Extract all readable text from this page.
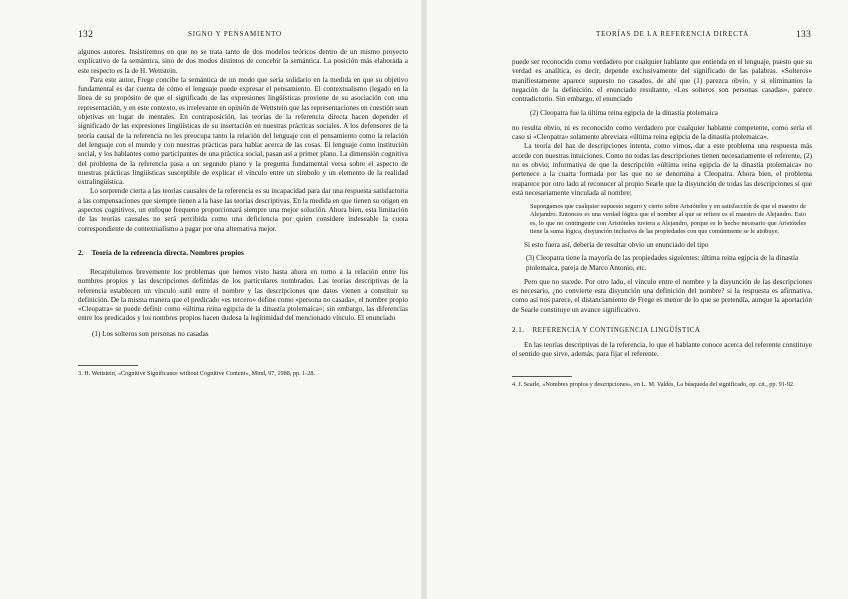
132	SIGNO Y PENSAMIENTO	TEORÍAS DE LA REFERENCIA DIRECTA	133

algunos autores. Insistiremos en que no se trata tanto de dos modelos teóricos dentro de un mismo proyecto explicativo de la semántica, sino de dos modos distintos de concebir la semántica. La posición más elaborada a este respecto es la de H. Wettstein.

Para este autor, Frege concibe la semántica de un modo que sería solidario en la medida en que su objetivo fundamental es dar cuenta de cómo el lenguaje puede expresar el pensamiento. El contextualismo (legado en la línea de su propósito de que el significado de las expresiones lingüísticas proviene de su asociación con una representación, y en este contexto, es irrelevante en opinión de Wettstein que las representaciones en cuestión sean objetivas en lugar de mentales. En contraposición, las teorías de la referencia directa hacen depender el significado de las expresiones lingüísticas de su insertación en nuestras prácticas sociales. A los defensores de la teoría causal de la referencia no les preocupa tanto la relación del lenguaje con el pensamiento como la relación del lenguaje con el mundo y con nuestras prácticas para hablar acerca de las cosas. El lenguaje como institución social, y los hablantes como participantes de una práctica social, pasan así a primer plano. La dimensión cognitiva del problema de la referencia pasa a un segundo plano y la pregunta fundamental versa sobre el aspecto de nuestras prácticas lingüísticas susceptible de explicar el vínculo entre un símbolo y un elemento de la realidad extralingüística.

Lo sorprende cierta a las teorías causales de la referencia es su incapacidad para dar una respuesta satisfactoria a las compensaciones que siempre tienen a la base las teorías descriptivas. En la medida en que tienen su origen en aspectos cognitivos, un enfoque frequeno proporcionará siempre una mejor solución. Ahora bien, esta limitación de las teorías causales no será percibida como una deficiencia por quien considere indeseable la cuota correspondiente de contextualismo a pagar por una alternativa mejor.

2. Teoría de la referencia directa. Nombres propios

Recapitulemos brevemente los problemas que hemos visto hasta ahora en torno a la relación entre los nombres propios y las descripciones definidas de los particulares nombrados. Las teorías descriptivas de la referencia establecen un vínculo sutil entre el nombre y las descripciones que datos vienen a constituir su definición. De la misma manera que el predicado «es tercero» define como «persona no casada», el nombre propio «Cleopatra» se puede definir como «última reina egipcia de la dinastía ptolemaica»; sin embargo, las diferencias entre los predicados y los nombres propios hacen dudosa la legitimidad del mencionado vínculo. El enunciado

(1) Los solteros son personas no casadas
3. H. Wettstein, «Cognitive Significance without Cognitive Content», Mind, 97, 1988, pp. 1-28.

puede ser reconocido como verdadero por cualquier hablante que entienda en el lenguaje, puesto que su verdad es analítica, es decir, depende exclusivamente del significado de las palabras. «Solteros» manifiestamente aparece supuesto no casados, de ahí que (1) parezca obvio, y si eliminamos la negación de la definición, el enunciado resultante, «Los solteros son personas casadas», parece contradictorio. Sin embargo, el enunciado

(2) Cleopatra fue la última reina egipcia de la dinastía ptolemaica

no resulta obvio, ni es reconocido como verdadero por cualquier hablante competente, como sería el caso si «Cleopatra» solamente abreviara «última reina egipcia de la dinastía ptolemaica».

La teoría del haz de descripciones intenta, como vimos, dar a este problema una respuesta más acorde con nuestras intuiciones. Como no todas las descripciones tienen necesariamente el referente, (2) no es obvio; informativa de que la descripción «última reina egipcia de la dinastía ptolemaica» no pertenece a la cuarta formada por las que no se denomina a Cleopatra. Ahora bien, el problema reaparece por otro lado al reconocer al propio Searle que la disyunción de todas las descripciones sí que está necesariamente vinculada al nombre;

Supongamos que cualquier supuesto seguro y cierto sobre Aristóteles y en satisfacción de que el maestro de Alejandro. Entonces es una verdad lógica que el nombre al que se refiere es el maestro de Alejandro. Esto es, lo que no contingente con Aristóteles tuviera a Alejandro, porque es lo hecho necesario que Aristóteles tiene la suma lógica, disyunción inclusiva de las propiedades con que comúnmente se le atribuye.

Si esto fuera así, debería de resultar obvio un enunciado del tipo

(3) Cleopatra tiene la mayoría de las propiedades siguientes: última reina egipcia de la dinastía ptolemaica, pareja de Marco Antonio, etc.

Pero que no sucede. Por otro lado, el vínculo entre el nombre y la disyunción de las descripciones es necesario, ¿no convierte esta disyunción una definición del nombre? si la respuesta es afirmativa, como así nos parece, el distanciamiento de Frege es menor de lo que se pretendía, aunque la aportación de Searle constituye un avance significativo.

2.1. REFERENCIA Y CONTINGENCIA LINGÜÍSTICA

En las teorías descriptivas de la referencia, lo que el hablante conoce acerca del referente constituye el sentido que sirve, además, para fijar el referente.

4. J. Searle, «Nombres propios y descripciones», en L. M. Valdés, La búsqueda del significado, op. cit., pp. 91-92.
